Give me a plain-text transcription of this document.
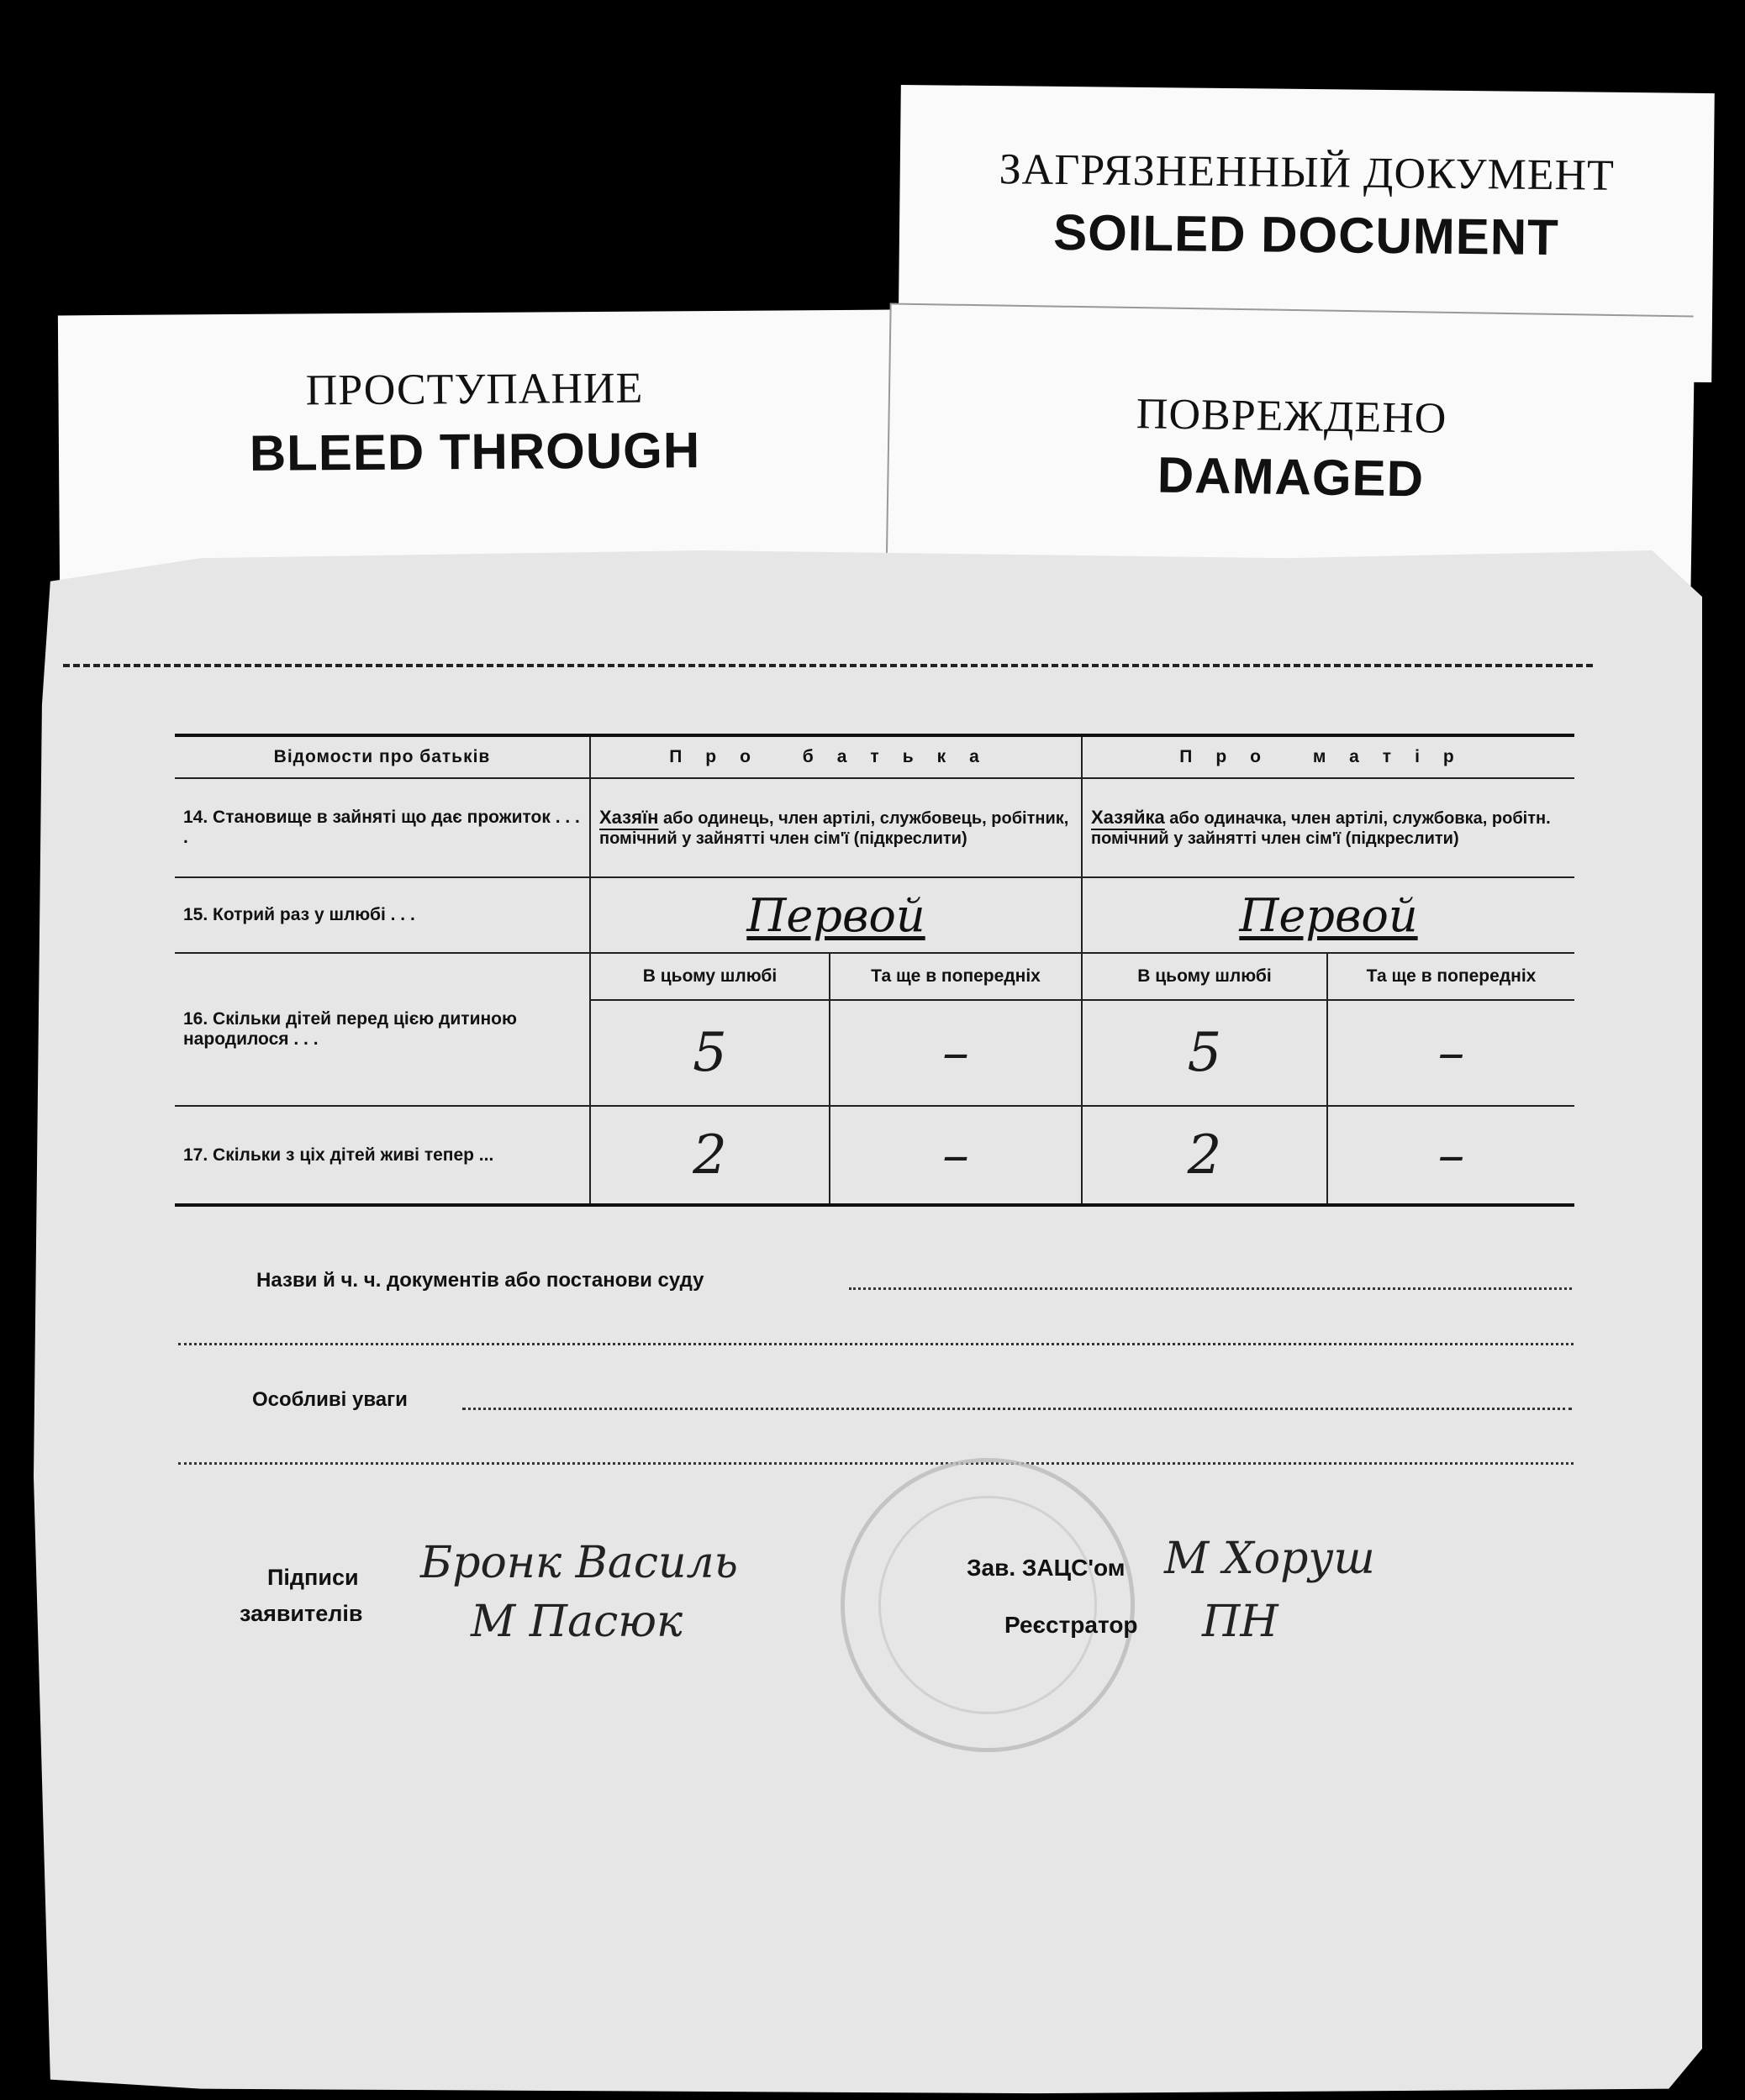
ПРОСТУПАНИЕ
BLEED THROUGH
ЗАГРЯЗНЕННЫЙ ДОКУМЕНТ
SOILED DOCUMENT
ПОВРЕЖДЕНО
DAMAGED
Відомости про батьків	Про батька		Про матір	
14. Становище в зайняті що дає прожиток . . . .	Хазяїн або одинець, член артілі, службовець, робітник, помічний у зайнятті член сім'ї (підкреслити)		Хазяйка або одиначка, член артілі, службовка, робітн. помічний у зайнятті член сім'ї (підкреслити)	
15. Котрий раз у шлюбі . . .	Первой		Первой	
16. Скільки дітей перед цією дитиною народилося . . .	В цьому шлюбі	Та ще в попередніх	В цьому шлюбі	Та ще в попередніх
	5	–	5	–
17. Скільки з ціх дітей живі тепер ...	2	–	2	–
Назви й ч. ч. документів або постанови суду
Особливі уваги
Підписи
заявителів
Бронк Василь
М Пасюк
Зав. ЗАЦС'ом М Хоруш
Реєстратор ПН
